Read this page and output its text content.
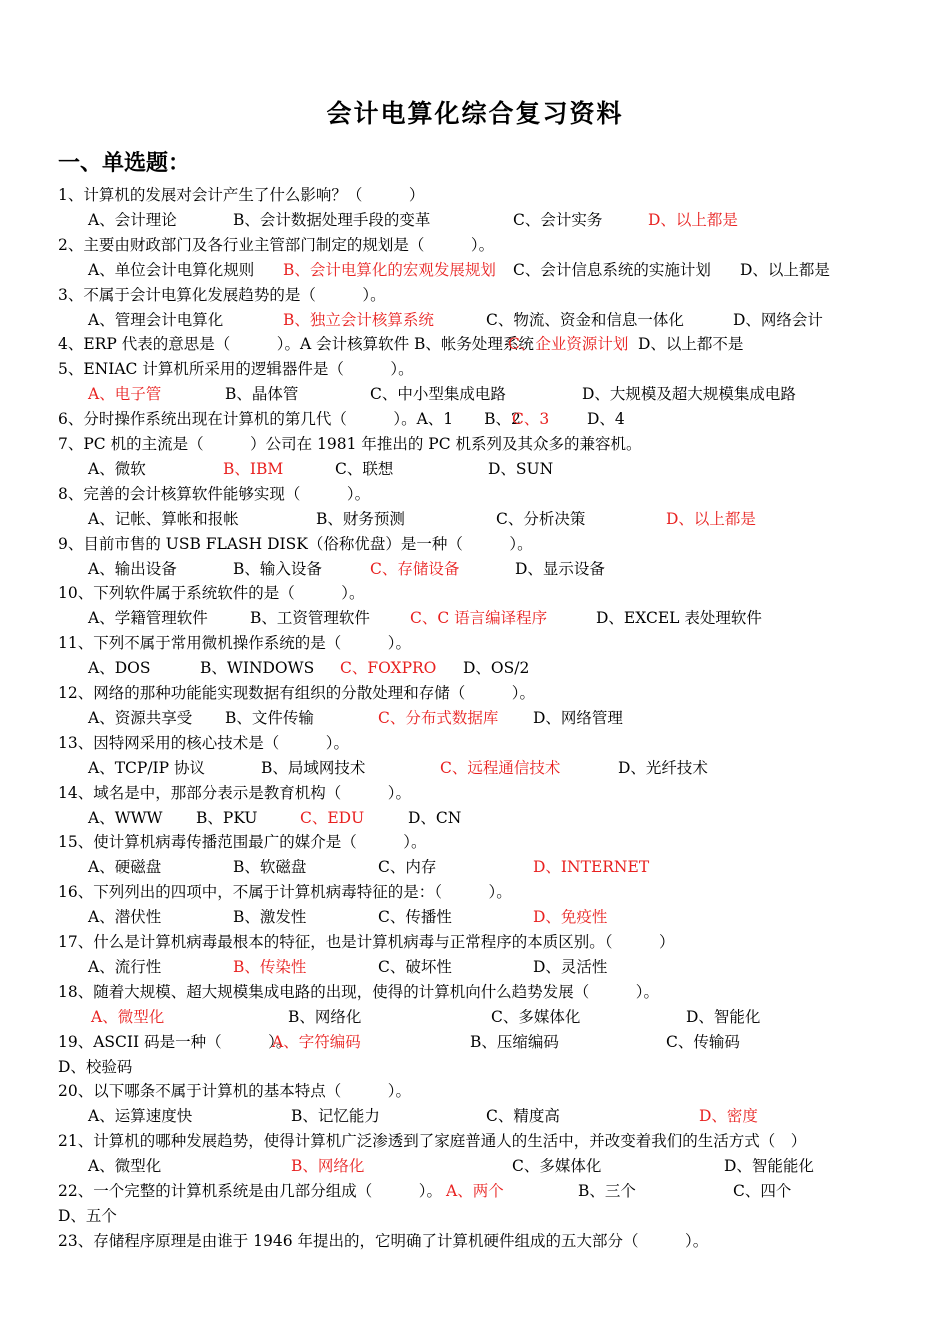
会计电算化综合复习资料
一、单选题：
1、计算机的发展对会计产生了什么影响？（　　　）
A、会计理论	B、会计数据处理手段的变革	C、会计实务	D、以上都是
2、主要由财政部门及各行业主管部门制定的规划是（　　　）。
A、单位会计电算化规则 B、会计电算化的宏观发展规划 C、会计信息系统的实施计划 D、以上都是
3、不属于会计电算化发展趋势的是（　　　）。
A、管理会计电算化	B、独立会计核算系统	C、物流、资金和信息一体化	D、网络会计
4、ERP 代表的意思是（　　　）。A 会计核算软件 B、帐务处理系统
C、企业资源计划 D、以上都不是
5、ENIAC 计算机所采用的逻辑器件是（　　　）。
A、电子管	B、晶体管	C、中小型集成电路	D、大规模及超大规模集成电路
6、分时操作系统出现在计算机的第几代（　　　）。A、1　　B、2
C、3 D、4
7、PC 机的主流是（　　　）公司在 1981 年推出的 PC 机系列及其众多的兼容机。
A、微软	B、IBM	C、联想	D、SUN
8、完善的会计核算软件能够实现（　　　）。
A、记帐、算帐和报帐	B、财务预测	C、分析决策	D、以上都是
9、目前市售的 USB FLASH DISK（俗称优盘）是一种（　　　）。
A、输出设备	B、输入设备	C、存储设备	D、显示设备
10、下列软件属于系统软件的是（　　　）。
A、学籍管理软件	B、工资管理软件	C、C 语言编译程序	D、EXCEL 表处理软件
11、下列不属于常用微机操作系统的是（　　　）。
A、DOS	B、WINDOWS C、FOXPRO D、OS/2
12、网络的那种功能能实现数据有组织的分散处理和存储（　　　）。
A、资源共享受 B、文件传输	C、分布式数据库 D、网络管理
13、因特网采用的核心技术是（　　　）。
A、TCP/IP 协议	B、局域网技术	C、远程通信技术	D、光纤技术
14、域名是中，那部分表示是教育机构（　　　）。
A、WWW B、PKU	C、EDU	D、CN
15、使计算机病毒传播范围最广的媒介是（　　　）。
A、硬磁盘	B、软磁盘	C、内存	D、INTERNET
16、下列列出的四项中，不属于计算机病毒特征的是：（　　　）。
A、潜伏性	B、激发性	C、传播性	D、免疫性
17、什么是计算机病毒最根本的特征，也是计算机病毒与正常程序的本质区别。（　　　）
A、流行性	B、传染性	C、破坏性	D、灵活性
18、随着大规模、超大规模集成电路的出现，使得的计算机向什么趋势发展（　　　）。
A、微型化	B、网络化	C、多媒体化	D、智能化
19、ASCII 码是一种（　　　）。
A、字符编码	B、压缩编码	C、传输码
D、校验码
20、以下哪条不属于计算机的基本特点（　　　）。
A、运算速度快	B、记忆能力	C、精度高	D、密度
21、计算机的哪种发展趋势，使得计算机广泛渗透到了家庭普通人的生活中，并改变着我们的生活方式（　）
A、微型化	B、网络化	C、多媒体化	D、智能能化
22、一个完整的计算机系统是由几部分组成（　　　）。 A、两个	B、三个	C、四个
D、五个
23、存储程序原理是由谁于 1946 年提出的，它明确了计算机硬件组成的五大部分（　　　）。
